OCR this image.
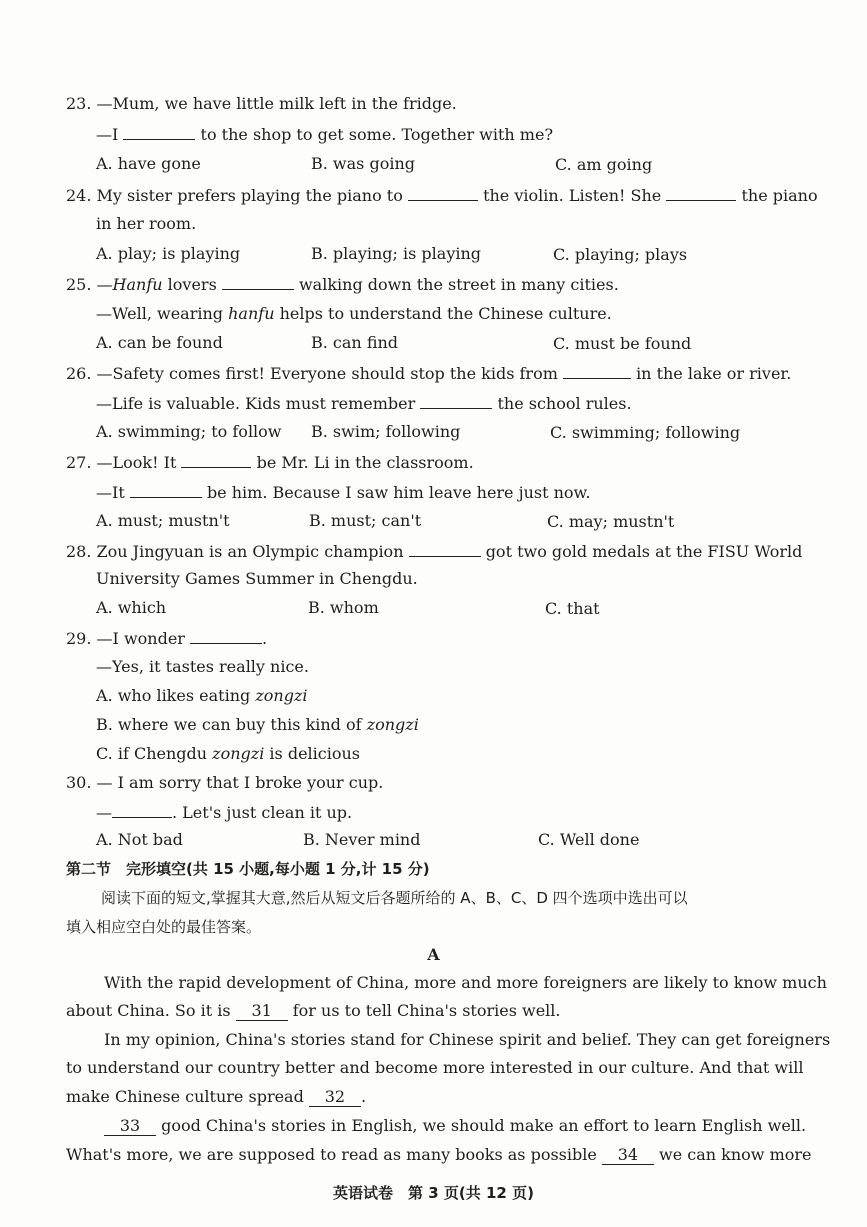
23. —Mum, we have little milk left in the fridge.
—I	to the shop to get some. Together with me?
A. have gone	B. was going	C. am going
24. My sister prefers playing the piano to	the violin. Listen! She	the piano
in her room.
A. play; is playing	B. playing; is playing	C. playing; plays
25. —Hanfu lovers	walking down the street in many cities.
—Well, wearing hanfu helps to understand the Chinese culture.
A. can be found	B. can find	C. must be found
26. —Safety comes first! Everyone should stop the kids from	in the lake or river.
—Life is valuable. Kids must remember	the school rules.
A. swimming; to follow B. swim; following	C. swimming; following
27. —Look! It	be Mr. Li in the classroom.
—It	be him. Because I saw him leave here just now.
A. must; mustn't	B. must; can't	C. may; mustn't
28. Zou Jingyuan is an Olympic champion	got two gold medals at the FISU World
University Games Summer in Chengdu.
A. which	B. whom	C. that
29. —I wonder	.
—Yes, it tastes really nice.
A. who likes eating zongzi
B. where we can buy this kind of zongzi
C. if Chengdu zongzi is delicious
30. — I am sorry that I broke your cup.
—	. Let's just clean it up.
A. Not bad	B. Never mind	C. Well done
第二节　完形填空(共 15 小题,每小题 1 分,计 15 分)
阅读下面的短文,掌握其大意,然后从短文后各题所给的 A、B、C、D 四个选项中选出可以
填入相应空白处的最佳答案。
A
With the rapid development of China, more and more foreigners are likely to know much
about China. So it is 31 for us to tell China's stories well.
In my opinion, China's stories stand for Chinese spirit and belief. They can get foreigners
to understand our country better and become more interested in our culture. And that will
make Chinese culture spread 32 .
33 good China's stories in English, we should make an effort to learn English well.
What's more, we are supposed to read as many books as possible 34 we can know more
英语试卷　第 3 页(共 12 页)
